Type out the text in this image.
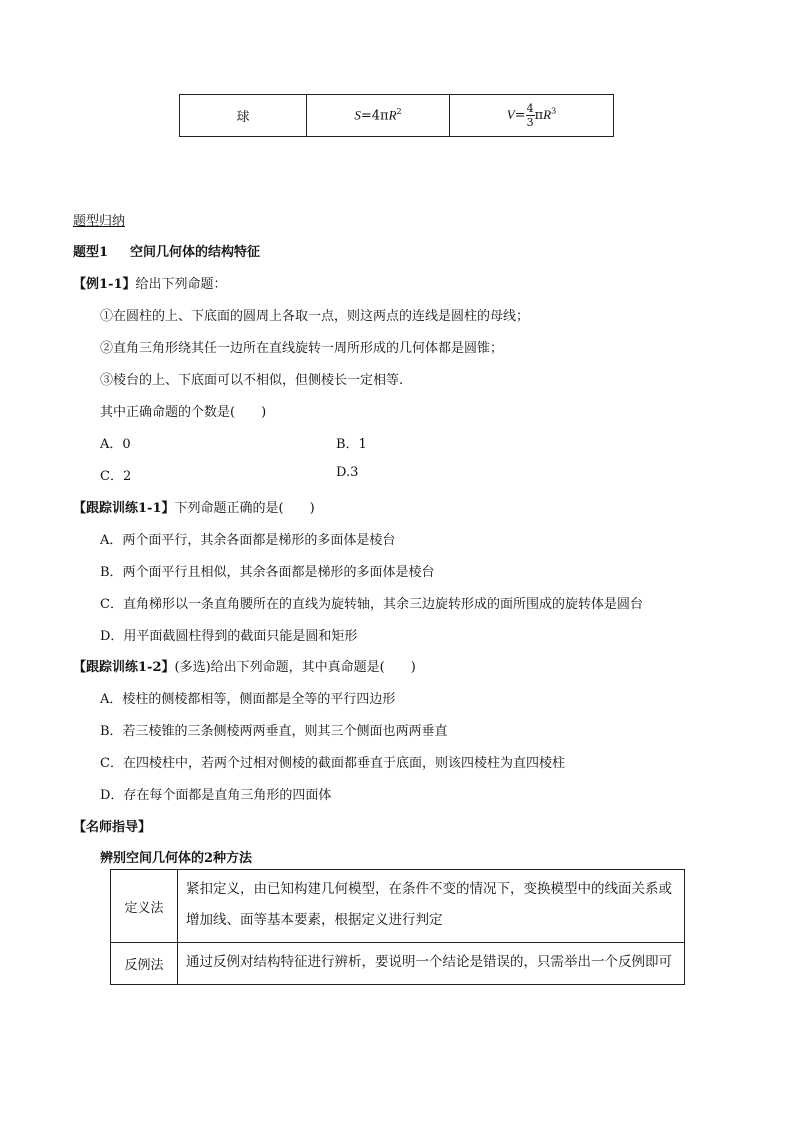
球	$S=4\pi R^2$	$V= \frac{4}{3} \pi R^3$
题型归纳
题型1 空间几何体的结构特征
【例1-1】给出下列命题：
①在圆柱的上、下底面的圆周上各取一点，则这两点的连线是圆柱的母线；
②直角三角形绕其任一边所在直线旋转一周所形成的几何体都是圆锥；
③棱台的上、下底面可以不相似，但侧棱长一定相等.
其中正确命题的个数是(　　)
A．0	B．1
C．2	D.3
【跟踪训练1-1】下列命题正确的是(　　)
A．两个面平行，其余各面都是梯形的多面体是棱台
B．两个面平行且相似，其余各面都是梯形的多面体是棱台
C．直角梯形以一条直角腰所在的直线为旋转轴，其余三边旋转形成的面所围成的旋转体是圆台
D．用平面截圆柱得到的截面只能是圆和矩形
【跟踪训练1-2】(多选)给出下列命题，其中真命题是(　　)
A．棱柱的侧棱都相等，侧面都是全等的平行四边形
B．若三棱锥的三条侧棱两两垂直，则其三个侧面也两两垂直
C．在四棱柱中，若两个过相对侧棱的截面都垂直于底面，则该四棱柱为直四棱柱
D．存在每个面都是直角三角形的四面体
【名师指导】
辨别空间几何体的2种方法
定义法	紧扣定义，由已知构建几何模型，在条件不变的情况下，变换模型中的线面关系或增加线、面等基本要素，根据定义进行判定
反例法	通过反例对结构特征进行辨析，要说明一个结论是错误的，只需举出一个反例即可
